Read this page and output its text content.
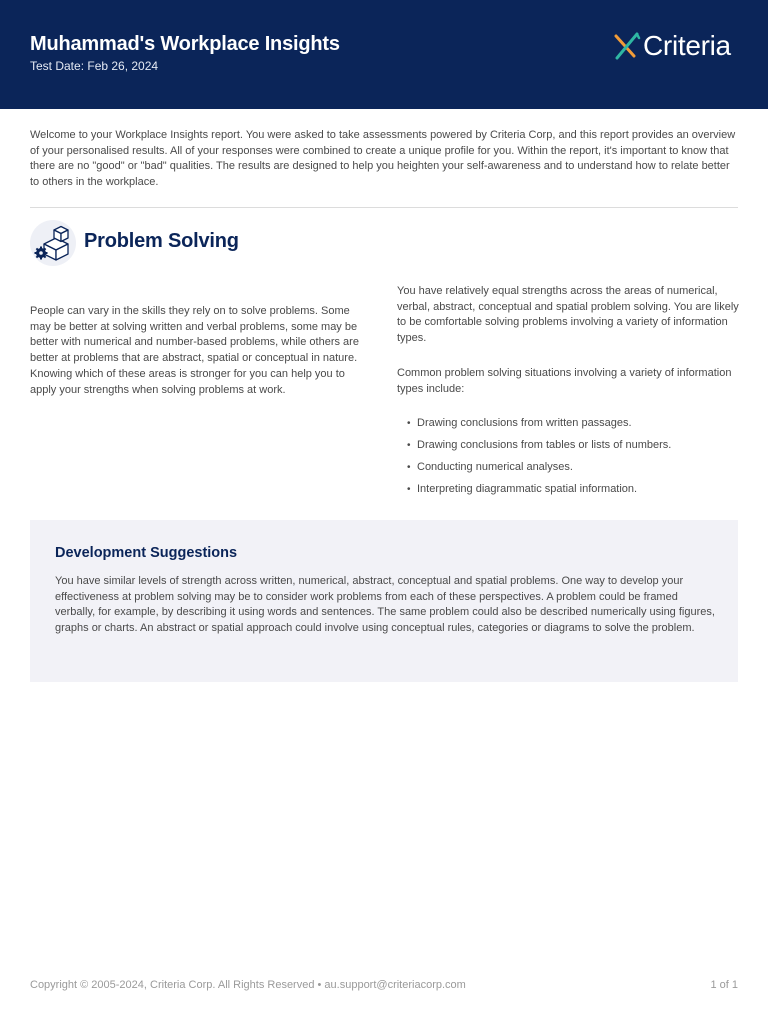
Muhammad's Workplace Insights
Test Date: Feb 26, 2024
Criteria

Welcome to your Workplace Insights report. You were asked to take assessments powered by Criteria Corp, and this report provides an overview of your personalised results. All of your responses were combined to create a unique profile for you. Within the report, it's important to know that there are no "good" or "bad" qualities. The results are designed to help you heighten your self-awareness and to understand how to relate better to others in the workplace.

Problem Solving

People can vary in the skills they rely on to solve problems. Some may be better at solving written and verbal problems, some may be better with numerical and number-based problems, while others are better at problems that are abstract, spatial or conceptual in nature. Knowing which of these areas is stronger for you can help you to apply your strengths when solving problems at work.

You have relatively equal strengths across the areas of numerical, verbal, abstract, conceptual and spatial problem solving. You are likely to be comfortable solving problems involving a variety of information types.

Common problem solving situations involving a variety of information types include:

• Drawing conclusions from written passages.
• Drawing conclusions from tables or lists of numbers.
• Conducting numerical analyses.
• Interpreting diagrammatic spatial information.
Development Suggestions

You have similar levels of strength across written, numerical, abstract, conceptual and spatial problems. One way to develop your effectiveness at problem solving may be to consider work problems from each of these perspectives. A problem could be framed verbally, for example, by describing it using words and sentences. The same problem could also be described numerically using figures, graphs or charts. An abstract or spatial approach could involve using conceptual rules, categories or diagrams to solve the problem.

Copyright © 2005-2024, Criteria Corp. All Rights Reserved • au.support@criteriacorp.com	1 of 1
